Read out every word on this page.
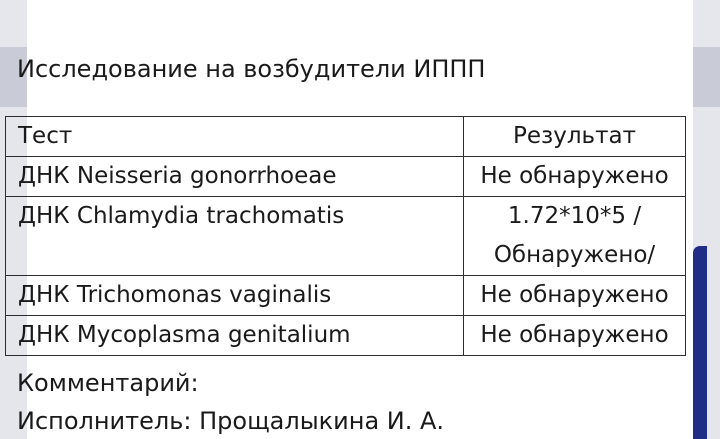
Исследование на возбудители ИППП
Тест	Результат
ДНК Neisseria gonorrhoeae	Не обнаружено
ДНК Chlamydia trachomatis	1.72*10*5 /
Обнаружено/

ДНК Trichomonas vaginalis	Не обнаружено
ДНК Mycoplasma genitalium	Не обнаружено
Комментарий:
Исполнитель: Прощалыкина И. А.
